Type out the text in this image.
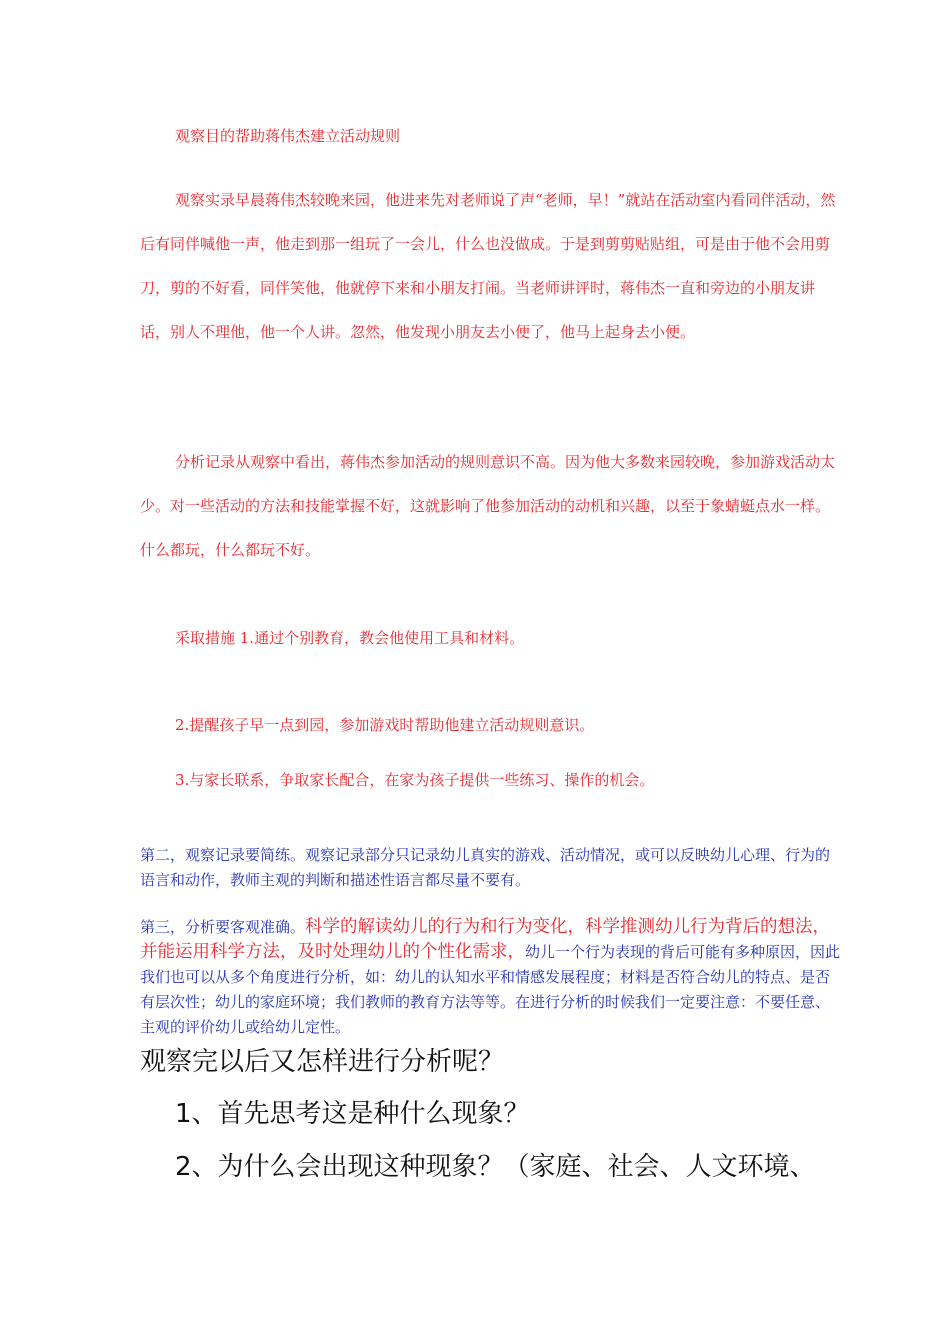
观察目的帮助蒋伟杰建立活动规则
观察实录早晨蒋伟杰较晚来园，他进来先对老师说了声“老师，早！”就站在活动室内看同伴活动，然后有同伴喊他一声，他走到那一组玩了一会儿，什么也没做成。于是到剪剪贴贴组，可是由于他不会用剪刀，剪的不好看，同伴笑他，他就停下来和小朋友打闹。当老师讲评时，蒋伟杰一直和旁边的小朋友讲话，别人不理他，他一个人讲。忽然，他发现小朋友去小便了，他马上起身去小便。
分析记录从观察中看出，蒋伟杰参加活动的规则意识不高。因为他大多数来园较晚，参加游戏活动太少。对一些活动的方法和技能掌握不好，这就影响了他参加活动的动机和兴趣，以至于象蜻蜓点水一样。什么都玩，什么都玩不好。
采取措施 1.通过个别教育，教会他使用工具和材料。
2.提醒孩子早一点到园，参加游戏时帮助他建立活动规则意识。
3.与家长联系，争取家长配合，在家为孩子提供一些练习、操作的机会。
第二，观察记录要简练。观察记录部分只记录幼儿真实的游戏、活动情况，或可以反映幼儿心理、行为的语言和动作，教师主观的判断和描述性语言都尽量不要有。
第三，分析要客观准确。科学的解读幼儿的行为和行为变化，科学推测幼儿行为背后的想法，并能运用科学方法，及时处理幼儿的个性化需求，幼儿一个行为表现的背后可能有多种原因，因此我们也可以从多个角度进行分析，如：幼儿的认知水平和情感发展程度；材料是否符合幼儿的特点、是否有层次性；幼儿的家庭环境；我们教师的教育方法等等。在进行分析的时候我们一定要注意：不要任意、主观的评价幼儿或给幼儿定性。
观察完以后又怎样进行分析呢？
1、首先思考这是种什么现象？
2、为什么会出现这种现象？（家庭、社会、人文环境、
